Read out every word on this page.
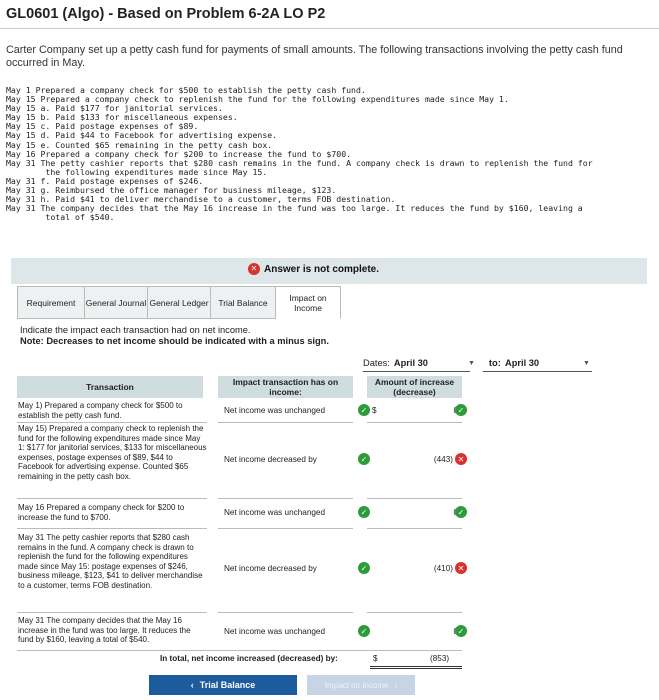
GL0601 (Algo) - Based on Problem 6-2A LO P2
Carter Company set up a petty cash fund for payments of small amounts. The following transactions involving the petty cash fund occurred in May.
May 1 Prepared a company check for $500 to establish the petty cash fund.
May 15 Prepared a company check to replenish the fund for the following expenditures made since May 1.
May 15 a. Paid $177 for janitorial services.
May 15 b. Paid $133 for miscellaneous expenses.
May 15 c. Paid postage expenses of $89.
May 15 d. Paid $44 to Facebook for advertising expense.
May 15 e. Counted $65 remaining in the petty cash box.
May 16 Prepared a company check for $200 to increase the fund to $700.
May 31 The petty cashier reports that $280 cash remains in the fund. A company check is drawn to replenish the fund for
the following expenditures made since May 15.
May 31 f. Paid postage expenses of $246.
May 31 g. Reimbursed the office manager for business mileage, $123.
May 31 h. Paid $41 to deliver merchandise to a customer, terms FOB destination.
May 31 The company decides that the May 16 increase in the fund was too large. It reduces the fund by $160, leaving a
total of $540.
✕ Answer is not complete.
Requirement	General Journal General Ledger	Trial Balance	Impact on Income
Indicate the impact each transaction had on net income.
Note: Decreases to net income should be indicated with a minus sign.
Dates: April 30	▼ to: April 30	▼
Transaction	Impact transaction has on income:
Amount of increase (decrease)
May 1) Prepared a company check for $500 to establish the petty cash fund.
Net income was unchanged	✓ $	✓
May 15) Prepared a company check to replenish the fund for the following expenditures made since May 1: $177 for janitorial services, $133 for miscellaneous expenses, postage expenses of $89, $44 to Facebook for advertising expense. Counted $65 remaining in the petty cash box.
Net income decreased by	✓	(443) ✕
May 16 Prepared a company check for $200 to increase the fund to $700.
Net income was unchanged	✓	✓
May 31 The petty cashier reports that $280 cash remains in the fund. A company check is drawn to replenish the fund for the following expenditures made since May 15: postage expenses of $246, business mileage, $123, $41 to deliver merchandise to a customer, terms FOB destination.
Net income decreased by	✓	(410) ✕
May 31 The company decides that the May 16 increase in the fund was too large. It reduces the fund by $160, leaving a total of $540.
Net income was unchanged	✓	✓
In total, net income increased (decreased) by:	$	(853)
‹ Trial Balance	Impact on Income ›
